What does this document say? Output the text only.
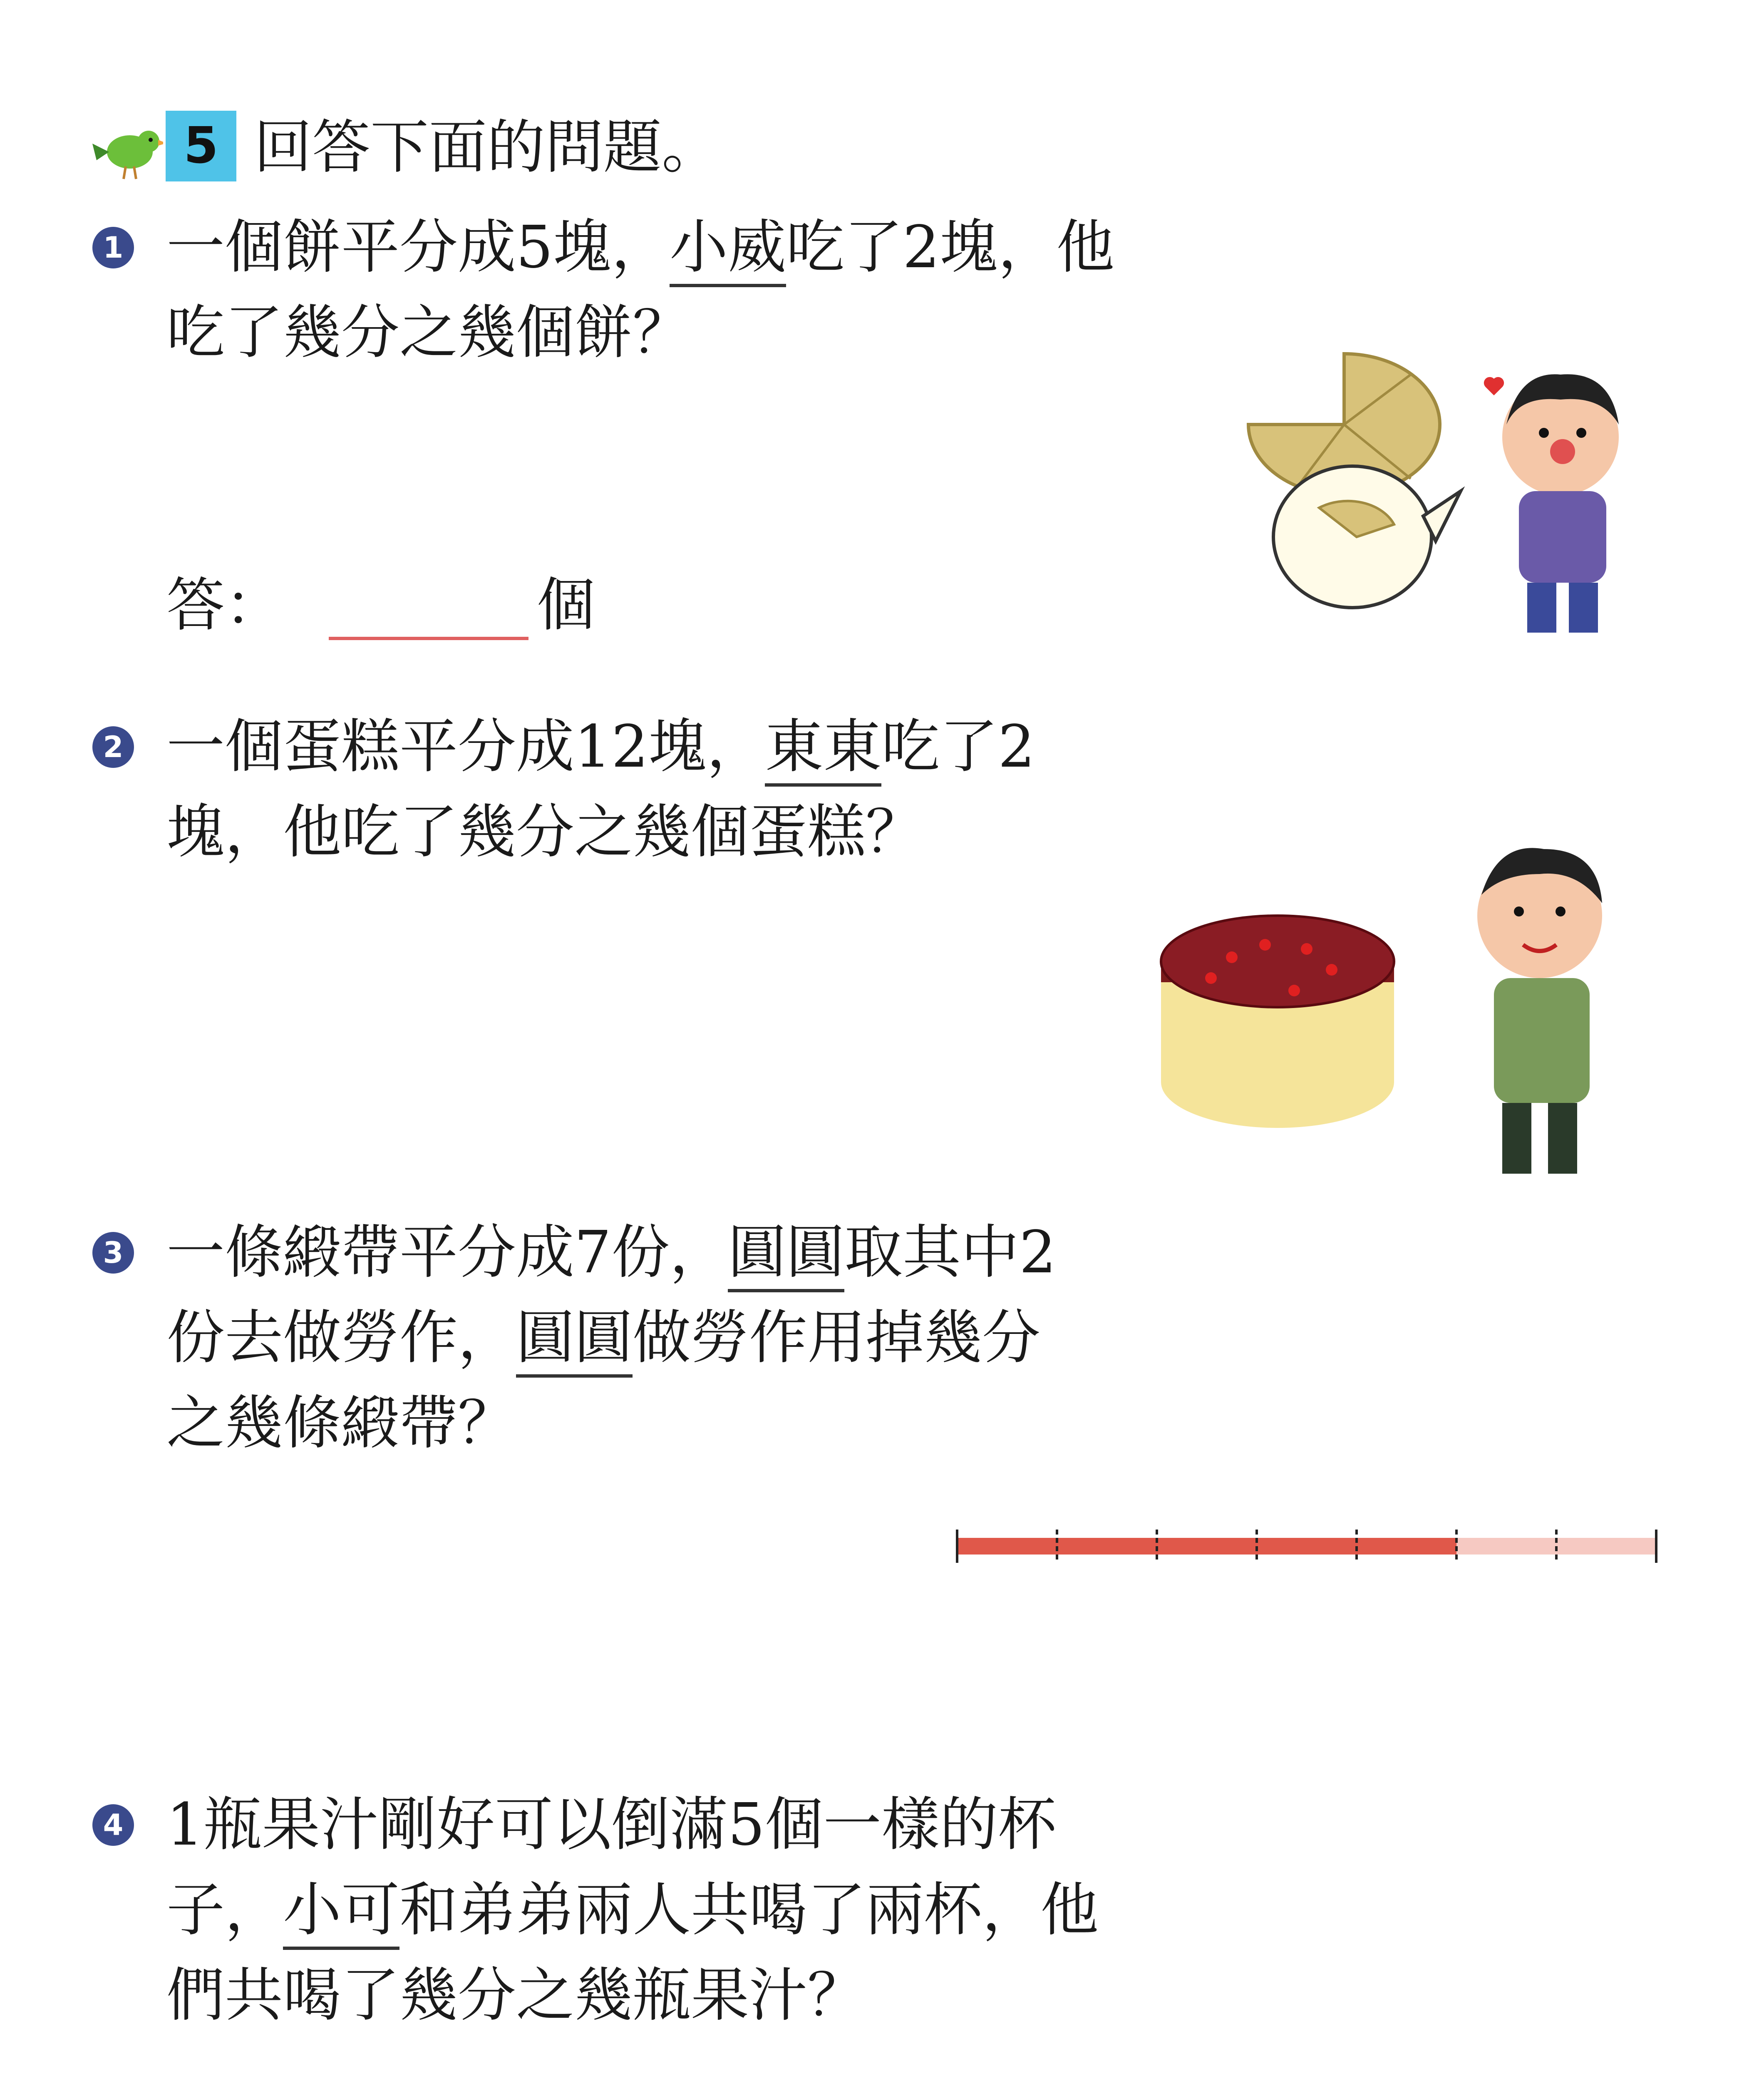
5 回答下面的問題。
1 一個餅平分成5塊，小威吃了2塊，他
吃了幾分之幾個餅？
答：	個
2 一個蛋糕平分成12塊，東東吃了2
塊，他吃了幾分之幾個蛋糕？
3 一條緞帶平分成7份，圓圓取其中2
份去做勞作，圓圓做勞作用掉幾分
之幾條緞帶？
4 1瓶果汁剛好可以倒滿5個一樣的杯
子，小可和弟弟兩人共喝了兩杯，他
們共喝了幾分之幾瓶果汁？
